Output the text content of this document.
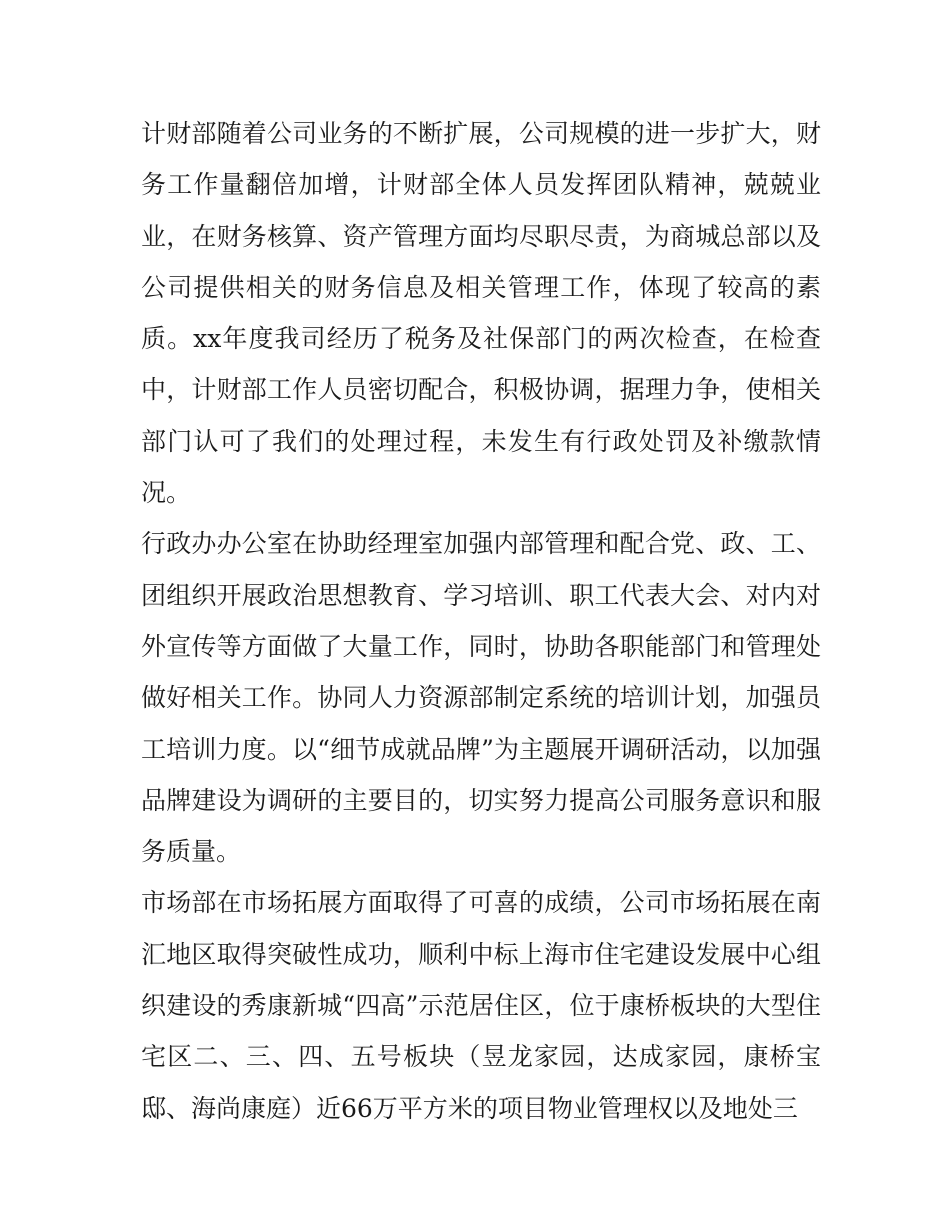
计财部随着公司业务的不断扩展，公司规模的进一步扩大，财务工作量翻倍加增，计财部全体人员发挥团队精神，兢兢业业，在财务核算、资产管理方面均尽职尽责，为商城总部以及公司提供相关的财务信息及相关管理工作，体现了较高的素质。xx年度我司经历了税务及社保部门的两次检查，在检查中，计财部工作人员密切配合，积极协调，据理力争，使相关部门认可了我们的处理过程，未发生有行政处罚及补缴款情况。

行政办办公室在协助经理室加强内部管理和配合党、政、工、团组织开展政治思想教育、学习培训、职工代表大会、对内对外宣传等方面做了大量工作，同时，协助各职能部门和管理处做好相关工作。协同人力资源部制定系统的培训计划，加强员工培训力度。以“细节成就品牌”为主题展开调研活动，以加强品牌建设为调研的主要目的，切实努力提高公司服务意识和服务质量。

市场部在市场拓展方面取得了可喜的成绩，公司市场拓展在南汇地区取得突破性成功，顺利中标上海市住宅建设发展中心组织建设的秀康新城“四高”示范居住区，位于康桥板块的大型住宅区二、三、四、五号板块（昱龙家园，达成家园，康桥宝邸、海尚康庭）近66万平方米的项目物业管理权以及地处三
